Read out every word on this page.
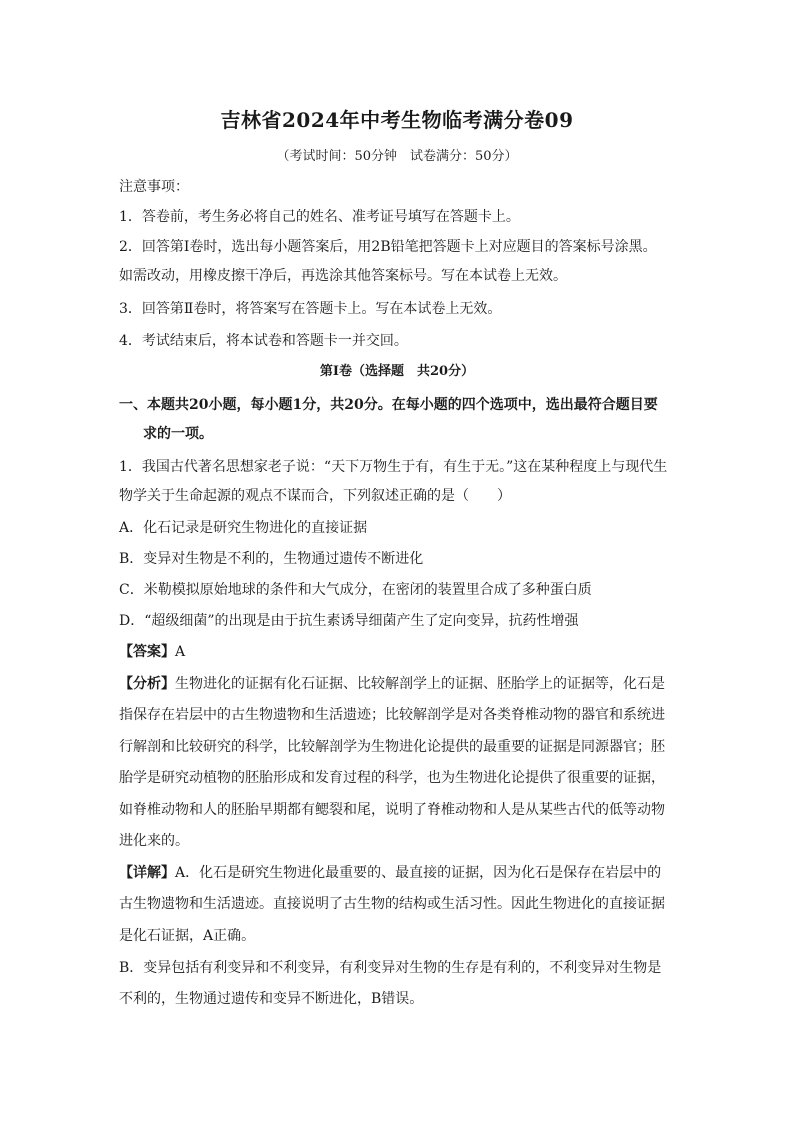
吉林省2024年中考生物临考满分卷09
（考试时间：50分钟　试卷满分：50分）
注意事项：
1．答卷前，考生务必将自己的姓名、准考证号填写在答题卡上。
2．回答第Ⅰ卷时，选出每小题答案后，用2B铅笔把答题卡上对应题目的答案标号涂黑。
如需改动，用橡皮擦干净后，再选涂其他答案标号。写在本试卷上无效。
3．回答第Ⅱ卷时，将答案写在答题卡上。写在本试卷上无效。
4．考试结束后，将本试卷和答题卡一并交回。
第Ⅰ卷（选择题　共20分）
一、本题共20小题，每小题1分，共20分。在每小题的四个选项中，选出最符合题目要
求的一项。
1．我国古代著名思想家老子说：“天下万物生于有，有生于无。”这在某种程度上与现代生
物学关于生命起源的观点不谋而合，下列叙述正确的是（　　）
A．化石记录是研究生物进化的直接证据
B．变异对生物是不利的，生物通过遗传不断进化
C．米勒模拟原始地球的条件和大气成分，在密闭的装置里合成了多种蛋白质
D．“超级细菌”的出现是由于抗生素诱导细菌产生了定向变异，抗药性增强
【答案】A
【分析】生物进化的证据有化石证据、比较解剖学上的证据、胚胎学上的证据等，化石是
指保存在岩层中的古生物遗物和生活遗迹；比较解剖学是对各类脊椎动物的器官和系统进
行解剖和比较研究的科学，比较解剖学为生物进化论提供的最重要的证据是同源器官；胚
胎学是研究动植物的胚胎形成和发育过程的科学，也为生物进化论提供了很重要的证据，
如脊椎动物和人的胚胎早期都有鳃裂和尾，说明了脊椎动物和人是从某些古代的低等动物
进化来的。
【详解】A．化石是研究生物进化最重要的、最直接的证据，因为化石是保存在岩层中的
古生物遗物和生活遗迹。直接说明了古生物的结构或生活习性。因此生物进化的直接证据
是化石证据，A正确。
B．变异包括有利变异和不利变异，有利变异对生物的生存是有利的，不利变异对生物是
不利的，生物通过遗传和变异不断进化，B错误。
